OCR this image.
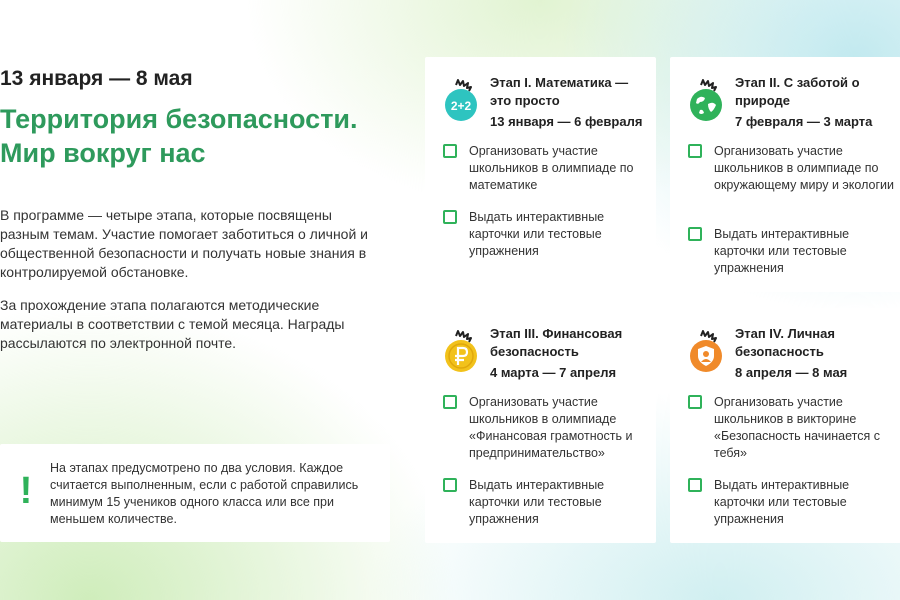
13 января — 8 мая
Территория безопасности.
Мир вокруг нас

В программе — четыре этапа, которые посвящены разным темам. Участие помогает заботиться о личной и общественной безопасности и получать новые знания в контролируемой обстановке.

За прохождение этапа полагаются методические материалы в соответствии с темой месяца. Награды рассылаются по электронной почте.

!
На этапах предусмотрено по два условия. Каждое считается выполненным, если с работой справились минимум 15 учеников одного класса или все при меньшем количестве.
2+2
Этап I. Математика — это просто
13 января — 6 февраля
Организовать участие школьников в олимпиаде по математике
Выдать интерактивные карточки или тестовые упражнения
Этап II. С заботой о природе
7 февраля — 3 марта
Организовать участие школьников в олимпиаде по окружающему миру и экологии
Выдать интерактивные карточки или тестовые упражнения
Этап III. Финансовая безопасность
4 марта — 7 апреля
Организовать участие школьников в олимпиаде «Финансовая грамотность и предпринимательство»
Выдать интерактивные карточки или тестовые упражнения
Этап IV. Личная безопасность
8 апреля — 8 мая
Организовать участие школьников в викторине «Безопасность начинается с тебя»
Выдать интерактивные карточки или тестовые упражнения
